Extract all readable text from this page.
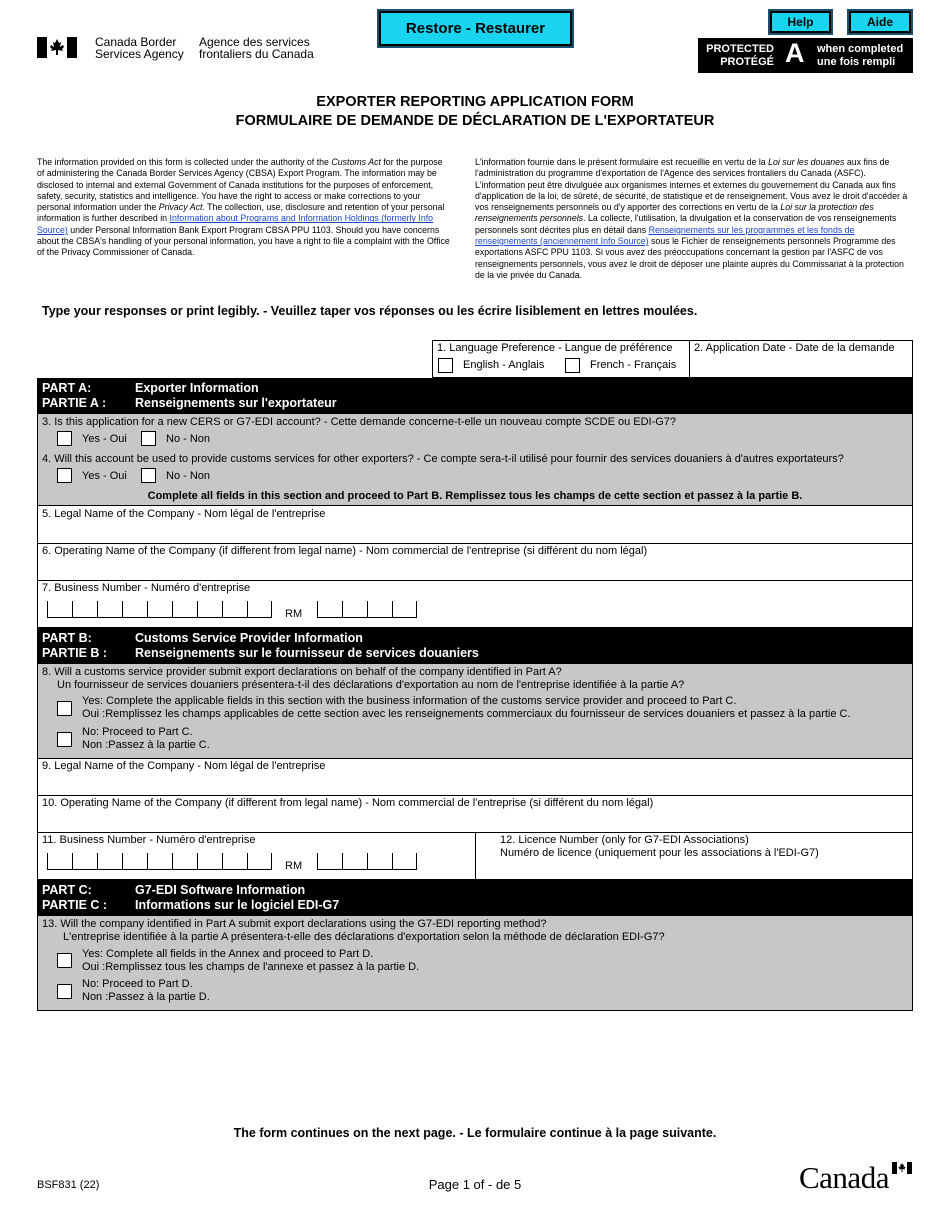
Canada Border
Services Agency
Agence des services
frontaliers du Canada
Restore - Restaurer	Help	Aide
PROTECTED
PROTÉGÉ A when completed
une fois rempli
EXPORTER REPORTING APPLICATION FORM
FORMULAIRE DE DEMANDE DE DÉCLARATION DE L'EXPORTATEUR
The information provided on this form is collected under the authority of the Customs Act for the purpose of administering the Canada Border Services Agency (CBSA) Export Program. The information may be disclosed to internal and external Government of Canada institutions for the purposes of enforcement, safety, security, statistics and intelligence. You have the right to access or make corrections to your personal information under the Privacy Act. The collection, use, disclosure and retention of your personal information is further described in Information about Programs and Information Holdings (formerly Info Source) under Personal Information Bank Export Program CBSA PPU 1103. Should you have concerns about the CBSA's handling of your personal information, you have a right to file a complaint with the Office of the Privacy Commissioner of Canada.
L'information fournie dans le présent formulaire est recueillie en vertu de la Loi sur les douanes aux fins de l'administration du programme d'exportation de l'Agence des services frontaliers du Canada (ASFC). L'information peut être divulguée aux organismes internes et externes du gouvernement du Canada aux fins d'application de la loi, de sûreté, de sécurité, de statistique et de renseignement. Vous avez le droit d'accéder à vos renseignements personnels ou d'y apporter des corrections en vertu de la Loi sur la protection des renseignements personnels. La collecte, l'utilisation, la divulgation et la conservation de vos renseignements personnels sont décrites plus en détail dans Renseignements sur les programmes et les fonds de renseignements (anciennement Info Source) sous le Fichier de renseignements personnels Programme des exportations ASFC PPU 1103. Si vous avez des préoccupations concernant la gestion par l'ASFC de vos renseignements personnels, vous avez le droit de déposer une plainte auprès du Commissariat à la protection de la vie privée du Canada.
Type your responses or print legibly. - Veuillez taper vos réponses ou les écrire lisiblement en lettres moulées.
1. Language Preference - Langue de préférence
English - Anglais	French - Français
2. Application Date - Date de la demande
PART A:
PARTIE A :
Exporter Information
Renseignements sur l'exportateur
3. Is this application for a new CERS or G7-EDI account? - Cette demande concerne-t-elle un nouveau compte SCDE ou EDI-G7?
Yes - Oui	No - Non
4. Will this account be used to provide customs services for other exporters? - Ce compte sera-t-il utilisé pour fournir des services douaniers à d'autres exportateurs?
Yes - Oui	No - Non
Complete all fields in this section and proceed to Part B. Remplissez tous les champs de cette section et passez à la partie B.
5. Legal Name of the Company - Nom légal de l'entreprise
6. Operating Name of the Company (if different from legal name) - Nom commercial de l'entreprise (si différent du nom légal)
7. Business Number - Numéro d'entreprise
RM
PART B:
PARTIE B :
Customs Service Provider Information
Renseignements sur le fournisseur de services douaniers
8. Will a customs service provider submit export declarations on behalf of the company identified in Part A?
Un fournisseur de services douaniers présentera-t-il des déclarations d'exportation au nom de l'entreprise identifiée à la partie A?
Yes: Complete the applicable fields in this section with the business information of the customs service provider and proceed to Part C.
Oui :Remplissez les champs applicables de cette section avec les renseignements commerciaux du fournisseur de services douaniers et passez à la partie C.
No: Proceed to Part C.
Non :Passez à la partie C.
9. Legal Name of the Company - Nom légal de l'entreprise
10. Operating Name of the Company (if different from legal name) - Nom commercial de l'entreprise (si différent du nom légal)
11. Business Number - Numéro d'entreprise
RM
12. Licence Number (only for G7-EDI Associations)
Numéro de licence (uniquement pour les associations à l'EDI-G7)
PART C:
PARTIE C :
G7-EDI Software Information
Informations sur le logiciel EDI-G7
13. Will the company identified in Part A submit export declarations using the G7-EDI reporting method?
L'entreprise identifiée à la partie A présentera-t-elle des déclarations d'exportation selon la méthode de déclaration EDI-G7?
Yes: Complete all fields in the Annex and proceed to Part D.
Oui :Remplissez tous les champs de l'annexe et passez à la partie D.
No: Proceed to Part D.
Non :Passez à la partie D.
The form continues on the next page. - Le formulaire continue à la page suivante.
BSF831 (22)	Page 1 of - de 5	Canada
